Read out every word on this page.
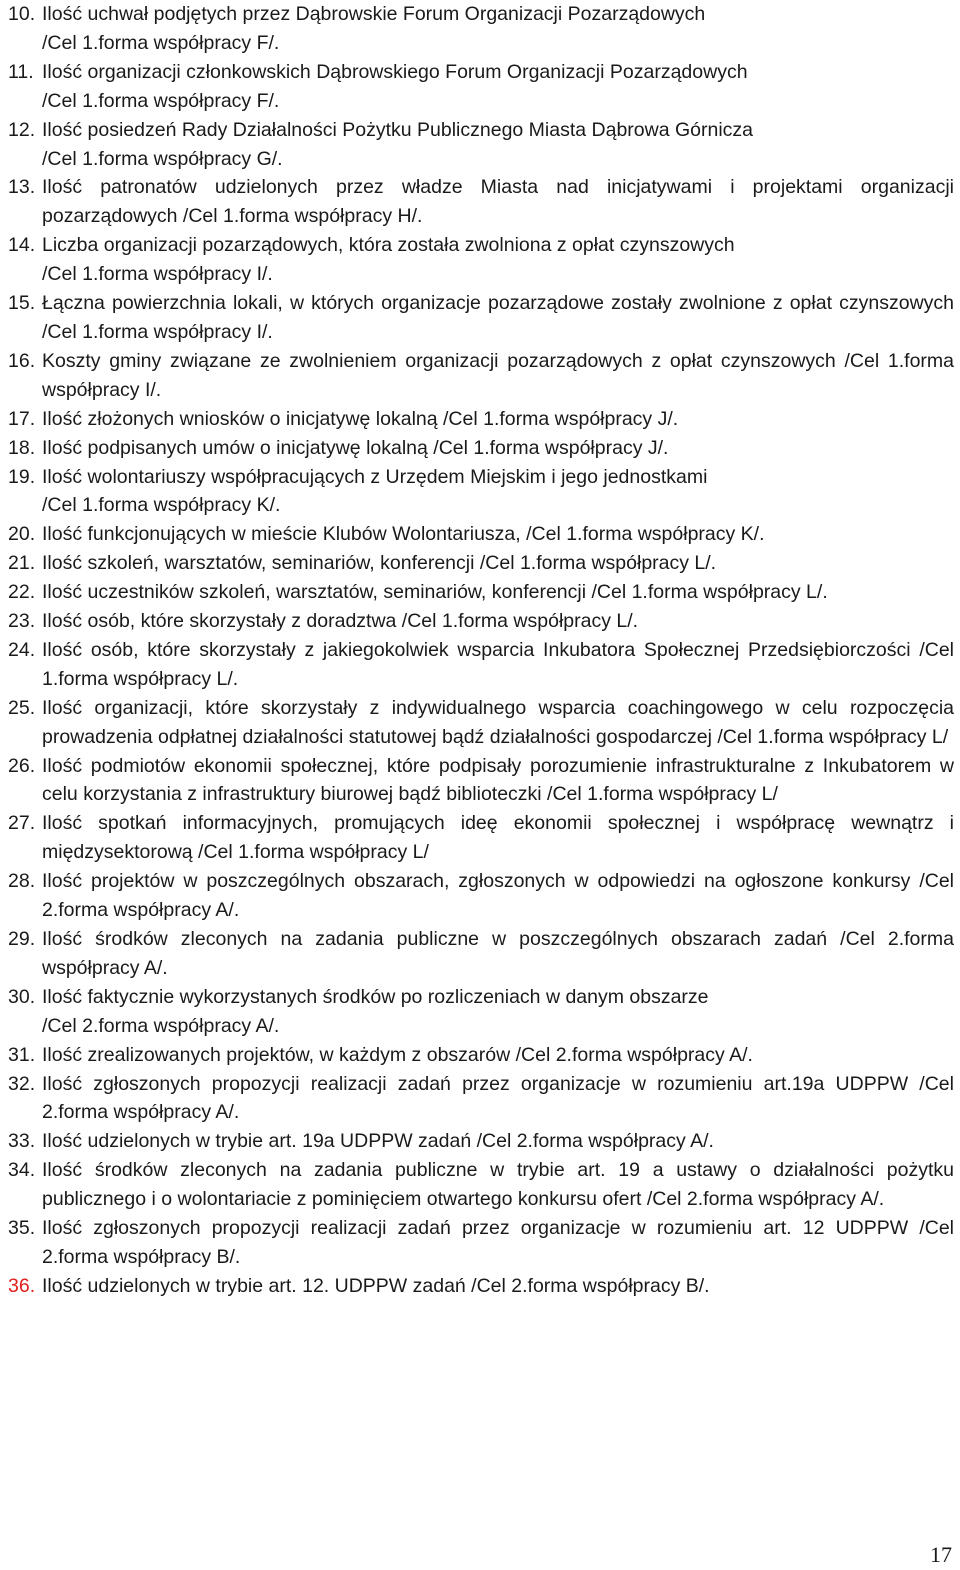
10. Ilość uchwał podjętych przez Dąbrowskie Forum Organizacji Pozarządowych
/Cel 1.forma współpracy F/.
11. Ilość organizacji członkowskich Dąbrowskiego Forum Organizacji Pozarządowych
/Cel 1.forma współpracy F/.
12. Ilość posiedzeń Rady Działalności Pożytku Publicznego Miasta Dąbrowa Górnicza
/Cel 1.forma współpracy G/.
13. Ilość patronatów udzielonych przez władze Miasta nad inicjatywami i projektami organizacji pozarządowych /Cel 1.forma współpracy H/.
14. Liczba organizacji pozarządowych, która została zwolniona z opłat czynszowych
/Cel 1.forma współpracy I/.
15. Łączna powierzchnia lokali, w których organizacje pozarządowe zostały zwolnione z opłat czynszowych /Cel 1.forma współpracy I/.
16. Koszty gminy związane ze zwolnieniem organizacji pozarządowych z opłat czynszowych /Cel 1.forma współpracy I/.
17. Ilość złożonych wniosków o inicjatywę lokalną /Cel 1.forma współpracy J/.
18. Ilość podpisanych umów o inicjatywę lokalną /Cel 1.forma współpracy J/.
19. Ilość wolontariuszy współpracujących z Urzędem Miejskim i jego jednostkami
/Cel 1.forma współpracy K/.
20. Ilość funkcjonujących w mieście Klubów Wolontariusza, /Cel 1.forma współpracy K/.
21. Ilość szkoleń, warsztatów, seminariów, konferencji /Cel 1.forma współpracy L/.
22. Ilość uczestników szkoleń, warsztatów, seminariów, konferencji /Cel 1.forma współpracy L/.
23. Ilość osób, które skorzystały z doradztwa /Cel 1.forma współpracy L/.
24. Ilość osób, które skorzystały z jakiegokolwiek wsparcia Inkubatora Społecznej Przedsiębiorczości /Cel 1.forma współpracy L/.
25. Ilość organizacji, które skorzystały z indywidualnego wsparcia coachingowego w celu rozpoczęcia prowadzenia odpłatnej działalności statutowej bądź działalności gospodarczej /Cel 1.forma współpracy L/
26. Ilość podmiotów ekonomii społecznej, które podpisały porozumienie infrastrukturalne z Inkubatorem w celu korzystania z infrastruktury biurowej bądź biblioteczki /Cel 1.forma współpracy L/
27. Ilość spotkań informacyjnych, promujących ideę ekonomii społecznej i współpracę wewnątrz i międzysektorową /Cel 1.forma współpracy L/
28. Ilość projektów w poszczególnych obszarach, zgłoszonych w odpowiedzi na ogłoszone konkursy /Cel 2.forma współpracy A/.
29. Ilość środków zleconych na zadania publiczne w poszczególnych obszarach zadań /Cel 2.forma współpracy A/.
30. Ilość faktycznie wykorzystanych środków po rozliczeniach w danym obszarze
/Cel 2.forma współpracy A/.
31. Ilość zrealizowanych projektów, w każdym z obszarów /Cel 2.forma współpracy A/.
32. Ilość zgłoszonych propozycji realizacji zadań przez organizacje w rozumieniu art.19a UDPPW /Cel 2.forma współpracy A/.
33. Ilość udzielonych w trybie art. 19a UDPPW zadań /Cel 2.forma współpracy A/.
34. Ilość środków zleconych na zadania publiczne w trybie art. 19 a ustawy o działalności pożytku publicznego i o wolontariacie z pominięciem otwartego konkursu ofert /Cel 2.forma współpracy A/.
35. Ilość zgłoszonych propozycji realizacji zadań przez organizacje w rozumieniu art. 12 UDPPW /Cel 2.forma współpracy B/.
36. Ilość udzielonych w trybie art. 12. UDPPW zadań /Cel 2.forma współpracy B/.
17
